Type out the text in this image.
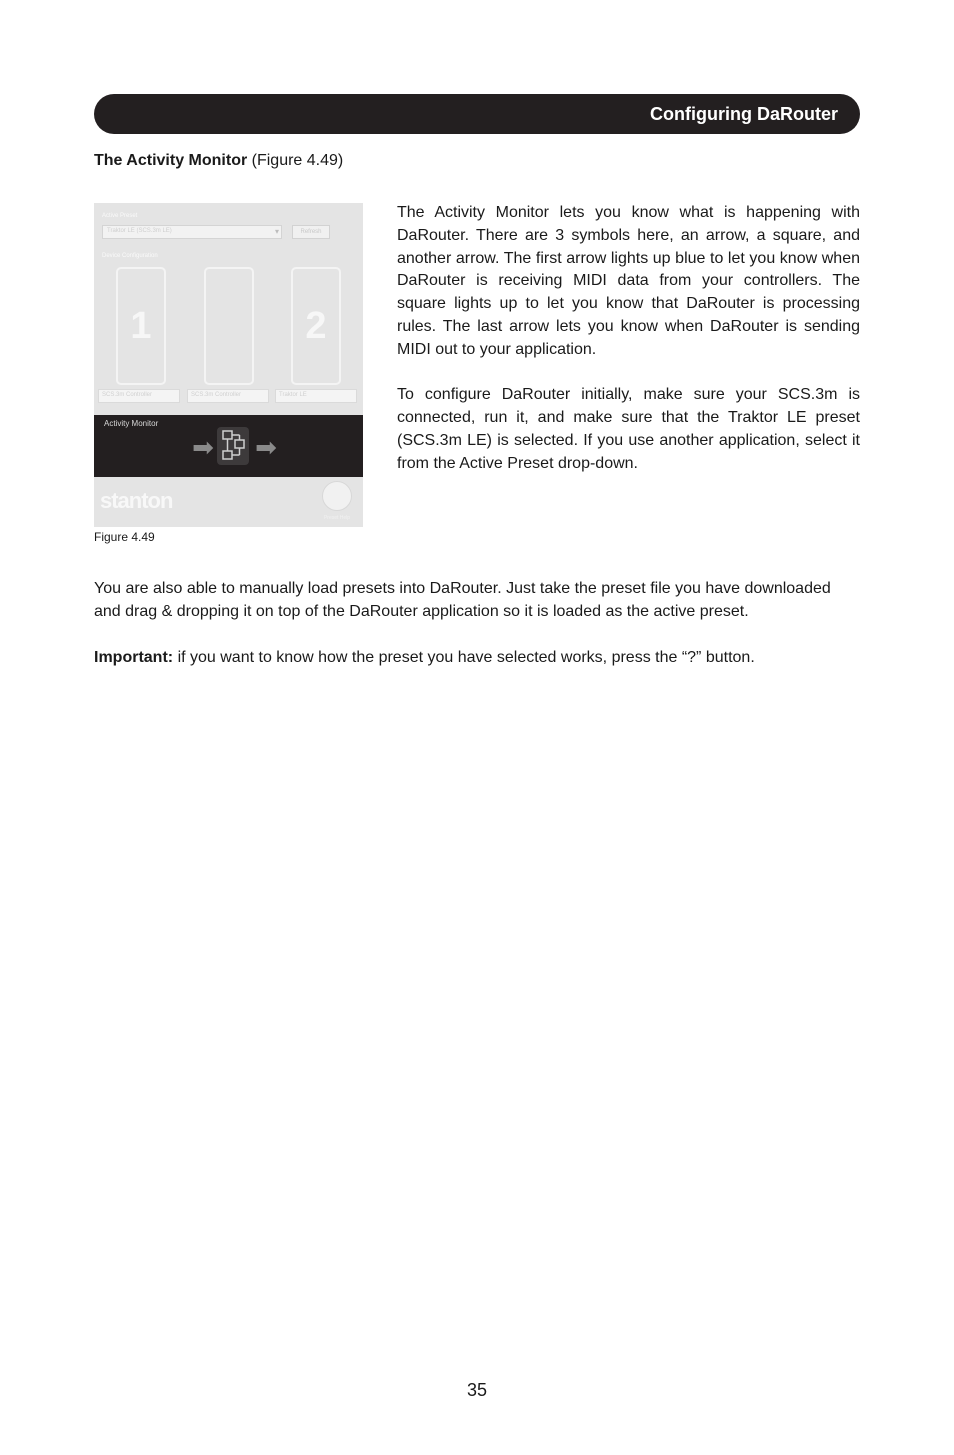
Configuring DaRouter
The Activity Monitor (Figure 4.49)
Active Preset
Traktor LE (SCS.3m LE)	▾	Refresh
Device Configuration
1	2
SCS.3m Controller	SCS.3m Controller	Traktor LE
Activity Monitor
➡ ➡
stanton
Preset Help
Figure 4.49

The Activity Monitor lets you know what is happening with DaRouter. There are 3 symbols here, an arrow, a square, and another arrow. The first arrow lights up blue to let you know when DaRouter is receiving MIDI data from your controllers. The square lights up to let you know that DaRouter is processing rules. The last arrow lets you know when DaRouter is sending MIDI out to your application.

To configure DaRouter initially, make sure your SCS.3m is connected, run it, and make sure that the Traktor LE preset (SCS.3m LE) is selected. If you use another application, select it from the Active Preset drop-down.

You are also able to manually load presets into DaRouter. Just take the preset file you have downloaded and drag & dropping it on top of the DaRouter application so it is loaded as the active preset.

Important: if you want to know how the preset you have selected works, press the “?” button.

35
